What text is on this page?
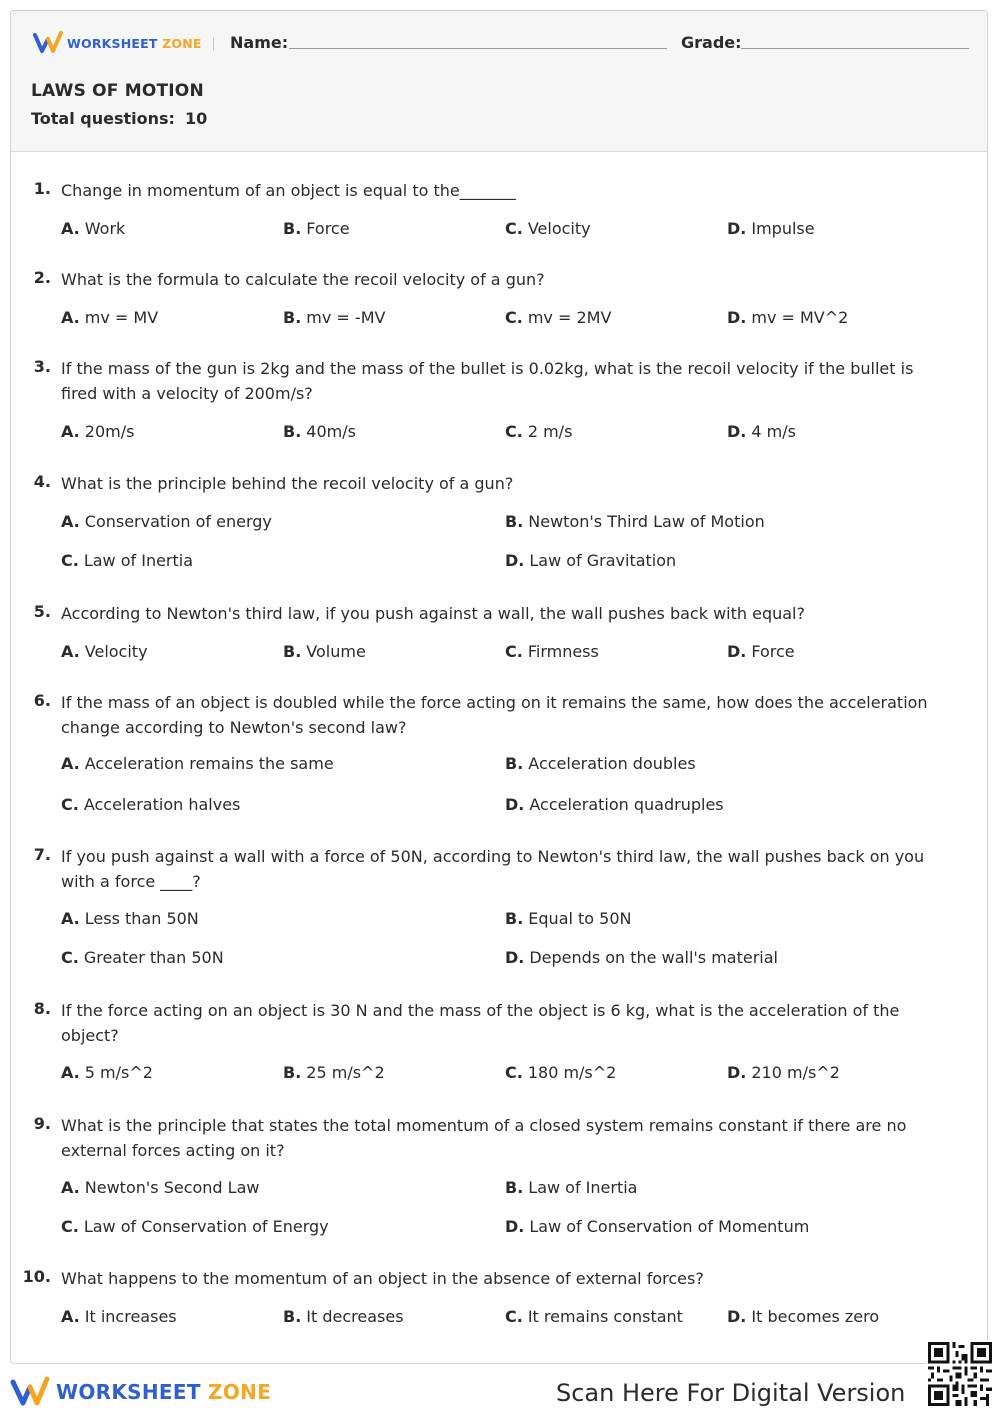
WORKSHEET ZONE Name:	Grade:
LAWS OF MOTION
Total questions: 10
1. Change in momentum of an object is equal to the_______
A. Work	B. Force	C. Velocity	D. Impulse
2. What is the formula to calculate the recoil velocity of a gun?
A. mv = MV	B. mv = -MV	C. mv = 2MV	D. mv = MV^2
3. If the mass of the gun is 2kg and the mass of the bullet is 0.02kg, what is the recoil velocity if the bullet is fired with a velocity of 200m/s?
A. 20m/s	B. 40m/s	C. 2 m/s	D. 4 m/s
4. What is the principle behind the recoil velocity of a gun?
A. Conservation of energy	B. Newton's Third Law of Motion
C. Law of Inertia	D. Law of Gravitation
5. According to Newton's third law, if you push against a wall, the wall pushes back with equal?
A. Velocity	B. Volume	C. Firmness	D. Force
6. If the mass of an object is doubled while the force acting on it remains the same, how does the acceleration change according to Newton's second law?
A. Acceleration remains the same	B. Acceleration doubles
C. Acceleration halves	D. Acceleration quadruples
7. If you push against a wall with a force of 50N, according to Newton's third law, the wall pushes back on you with a force ____?
A. Less than 50N	B. Equal to 50N
C. Greater than 50N	D. Depends on the wall's material
8. If the force acting on an object is 30 N and the mass of the object is 6 kg, what is the acceleration of the object?
A. 5 m/s^2	B. 25 m/s^2	C. 180 m/s^2	D. 210 m/s^2
9. What is the principle that states the total momentum of a closed system remains constant if there are no external forces acting on it?
A. Newton's Second Law	B. Law of Inertia
C. Law of Conservation of Energy	D. Law of Conservation of Momentum
10. What happens to the momentum of an object in the absence of external forces?
A. It increases	B. It decreases	C. It remains constant	D. It becomes zero
WORKSHEET ZONE	Scan Here For Digital Version
